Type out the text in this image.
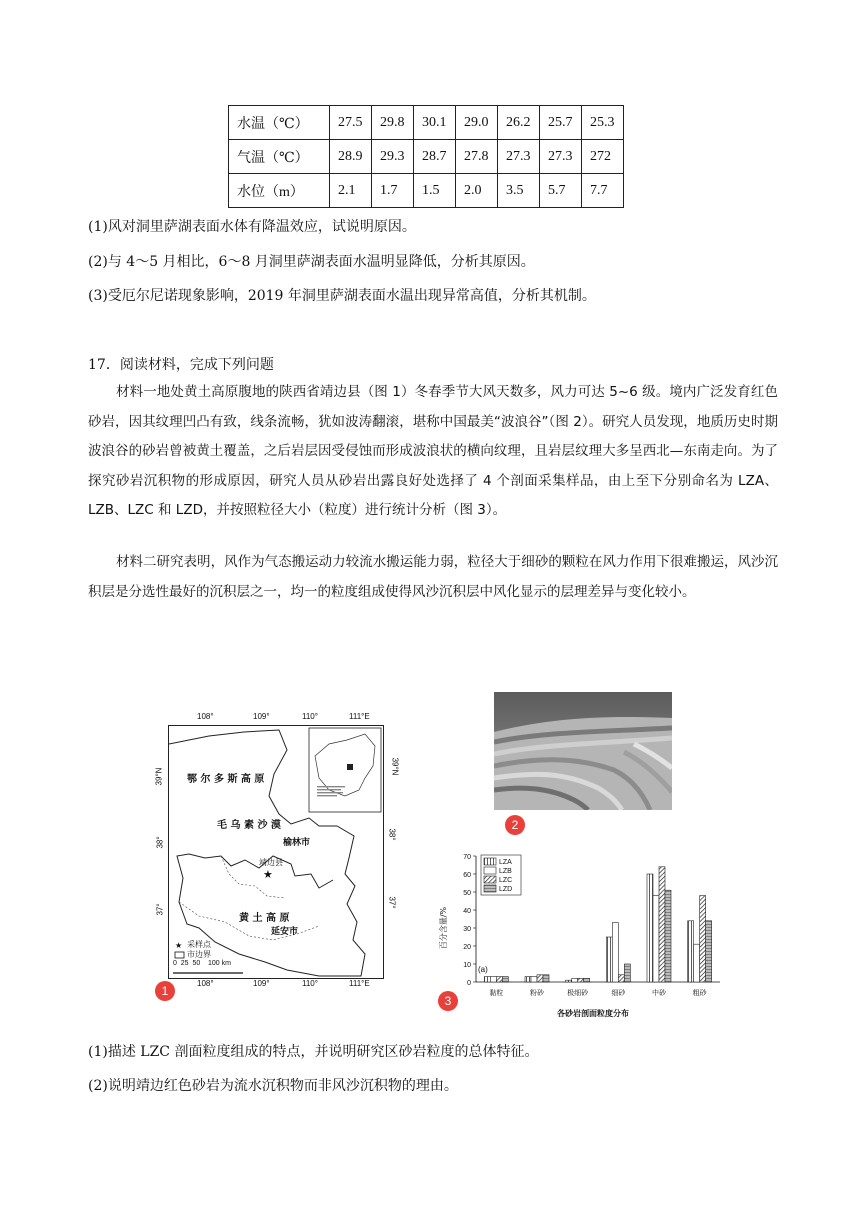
水温（℃）	27.5	29.8	30.1	29.0	26.2	25.7	25.3
气温（℃）	28.9	29.3	28.7	27.8	27.3	27.3	272
水位（m）	2.1	1.7	1.5	2.0	3.5	5.7	7.7
(1)风对洞里萨湖表面水体有降温效应，试说明原因。
(2)与 4～5 月相比，6～8 月洞里萨湖表面水温明显降低，分析其原因。
(3)受厄尔尼诺现象影响，2019 年洞里萨湖表面水温出现异常高值，分析其机制。
17．阅读材料，完成下列问题
材料一地处黄土高原腹地的陕西省靖边县（图 1）冬春季节大风天数多，风力可达 5~6 级。境内广泛发育红色砂岩，因其纹理凹凸有致，线条流畅，犹如波涛翻滚，堪称中国最美“波浪谷”（图 2）。研究人员发现，地质历史时期波浪谷的砂岩曾被黄土覆盖，之后岩层因受侵蚀而形成波浪状的横向纹理，且岩层纹理大多呈西北—东南走向。为了探究砂岩沉积物的形成原因，研究人员从砂岩出露良好处选择了 4 个剖面采集样品，由上至下分别命名为 LZA、LZB、LZC 和 LZD，并按照粒径大小（粒度）进行统计分析（图 3）。
材料二研究表明，风作为气态搬运动力较流水搬运能力弱，粒径大于细砂的颗粒在风力作用下很难搬运，风沙沉积层是分选性最好的沉积层之一，均一的粒度组成使得风沙沉积层中风化显示的层理差异与变化较小。
108°	109°	110°	111°E
108°	109°	110°	111°E
39°N
38°
37°
39°N
38°
37°
★
★
鄂 尔 多 斯 高 原
毛 乌 素 沙 漠
榆林市
靖边县
黄 土 高 原
延安市
采样点
市边界
0  25  50    100 km
1
2
0
10
20
30
40
50
60
70
黏粒	粉砂	极细砂	细砂	中砂	粗砂
LZA
LZB
LZC
LZD
百分含量/%
各砂岩剖面粒度分布
(a)
3
(1)描述 LZC 剖面粒度组成的特点，并说明研究区砂岩粒度的总体特征。
(2)说明靖边红色砂岩为流水沉积物而非风沙沉积物的理由。
